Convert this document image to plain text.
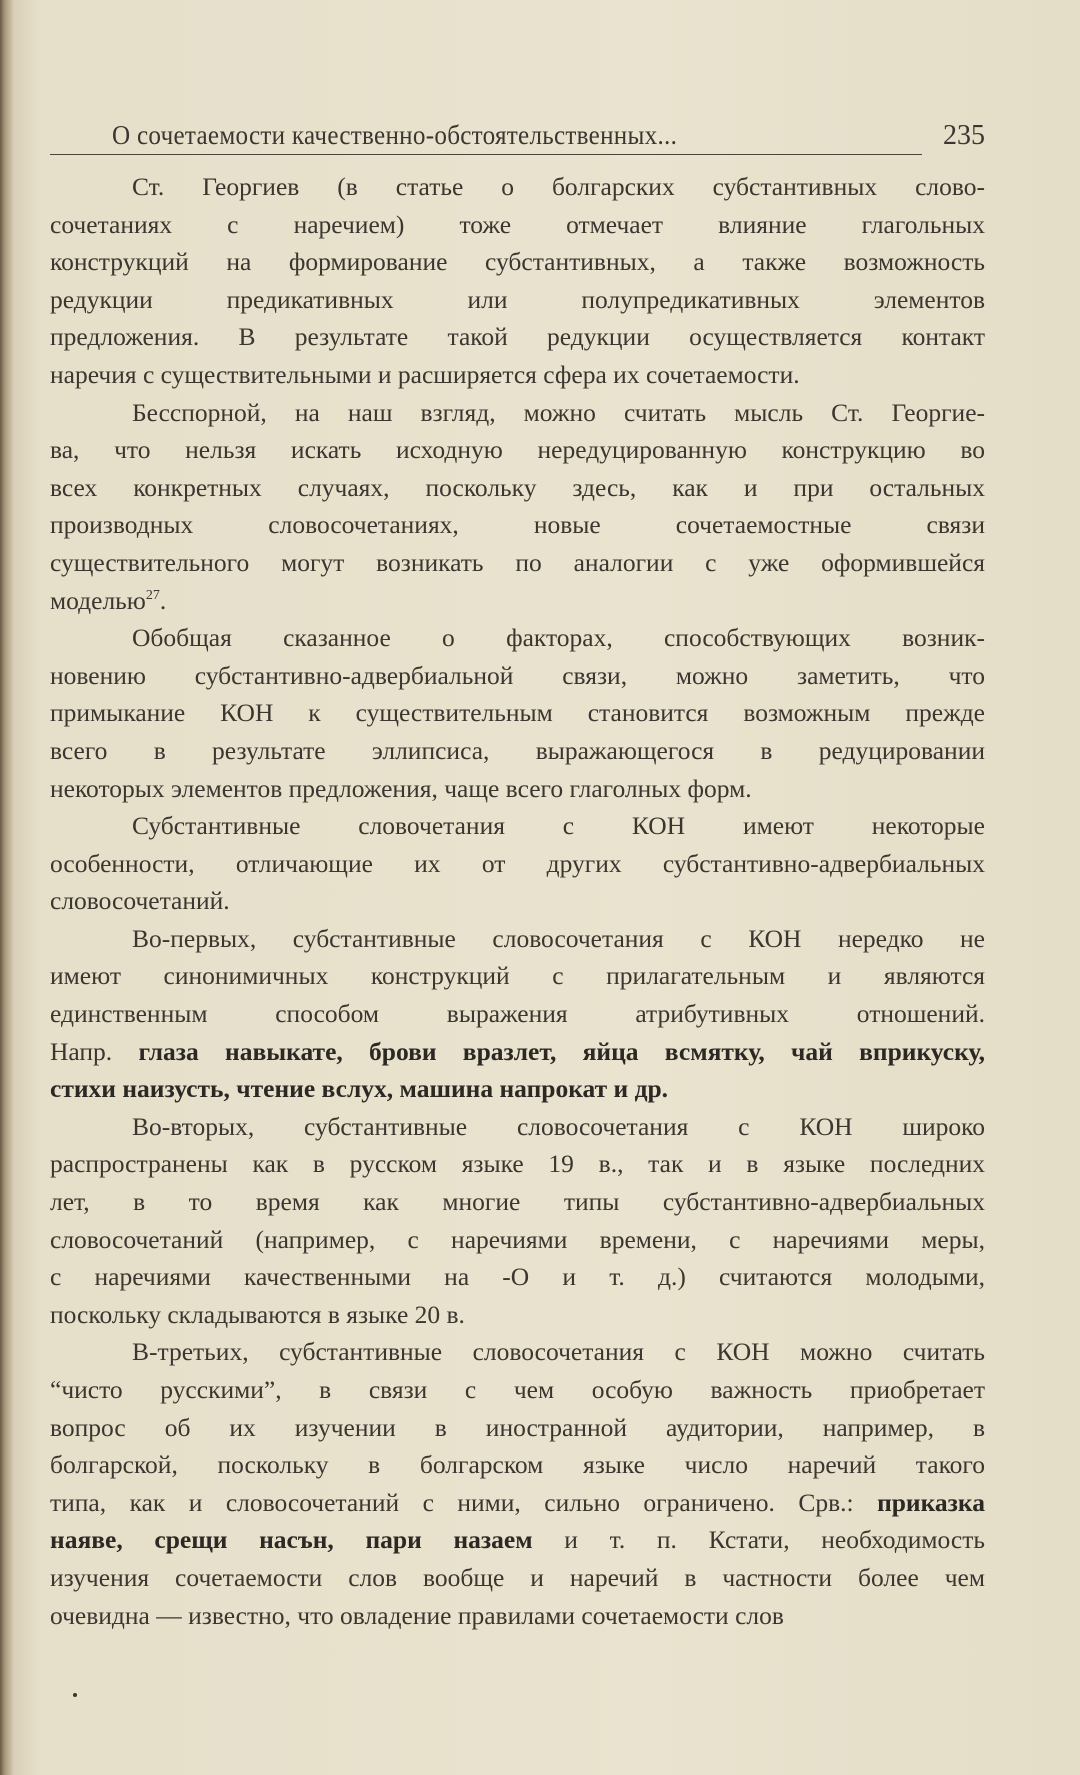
О сочетаемости качественно-обстоятельственных...	235
Ст. Георгиев (в статье о болгарских субстантивных слово-
сочетаниях с наречием) тоже отмечает влияние глагольных
конструкций на формирование субстантивных, а также возможность
редукции предикативных или полупредикативных элементов
предложения. В результате такой редукции осуществляется контакт
наречия с существительными и расширяется сфера их сочетаемости.
Бесспорной, на наш взгляд, можно считать мысль Ст. Георгие-
ва, что нельзя искать исходную нередуцированную конструкцию во
всех конкретных случаях, поскольку здесь, как и при остальных
производных словосочетаниях, новые сочетаемостные связи
существительного могут возникать по аналогии с уже оформившейся
моделью$^{27}$.
Обобщая сказанное о факторах, способствующих возник-
новению субстантивно-адвербиальной связи, можно заметить, что
примыкание КОН к существительным становится возможным прежде
всего в результате эллипсиса, выражающегося в редуцировании
некоторых элементов предложения, чаще всего глаголных форм.
Субстантивные словочетания с КОН имеют некоторые
особенности, отличающие их от других субстантивно-адвербиальных
словосочетаний.
Во-первых, субстантивные словосочетания с КОН нередко не
имеют синонимичных конструкций с прилагательным и являются
единственным способом выражения атрибутивных отношений.
Напр. глаза навыкате, брови вразлет, яйца всмятку, чай вприкуску,
стихи наизусть, чтение вслух, машина напрокат и др.
Во-вторых, субстантивные словосочетания с КОН широко
распространены как в русском языке 19 в., так и в языке последних
лет, в то время как многие типы субстантивно-адвербиальных
словосочетаний (например, с наречиями времени, с наречиями меры,
с наречиями качественными на -О и т. д.) считаются молодыми,
поскольку складываются в языке 20 в.
В-третьих, субстантивные словосочетания с КОН можно считать
“чисто русскими”, в связи с чем особую важность приобретает
вопрос об их изучении в иностранной аудитории, например, в
болгарской, поскольку в болгарском языке число наречий такого
типа, как и словосочетаний с ними, сильно ограничено. Срв.: приказка
наяве, срещи насън, пари назаем и т. п. Кстати, необходимость
изучения сочетаемости слов вообще и наречий в частности более чем
очевидна — известно, что овладение правилами сочетаемости слов
